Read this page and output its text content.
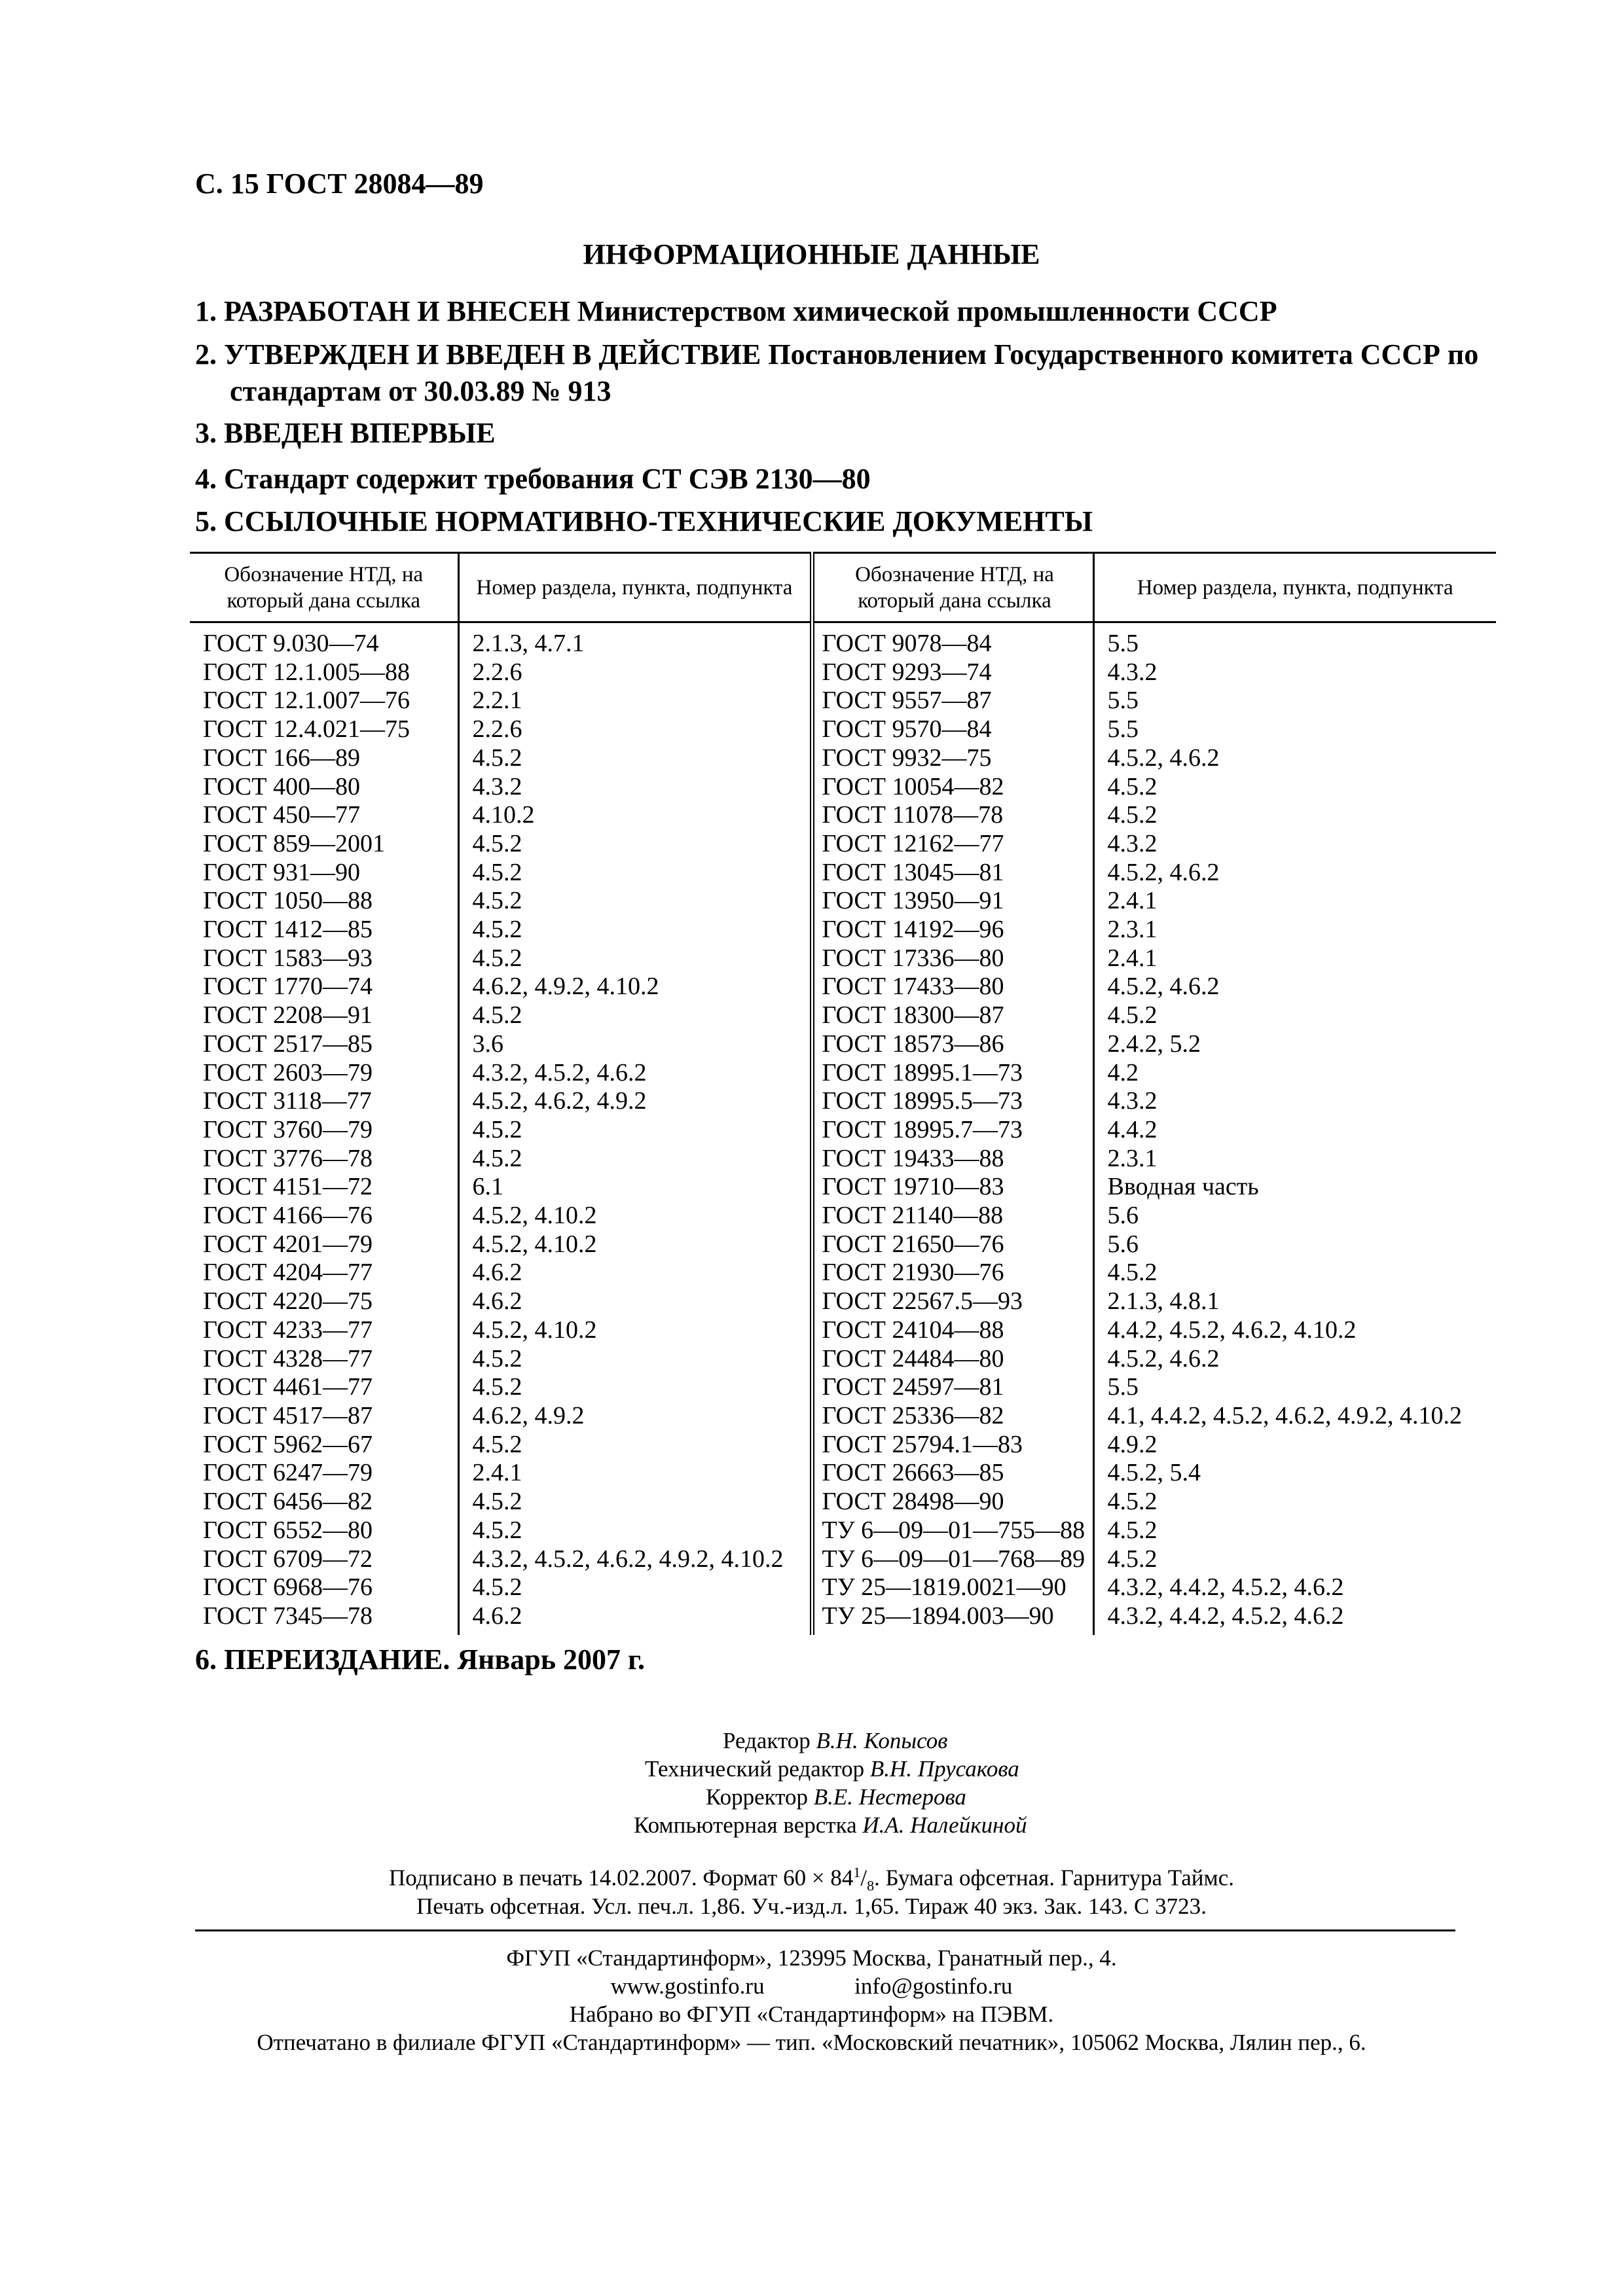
С. 15 ГОСТ 28084—89
ИНФОРМАЦИОННЫЕ ДАННЫЕ
1. РАЗРАБОТАН И ВНЕСЕН Министерством химической промышленности СССР
2. УТВЕРЖДЕН И ВВЕДЕН В ДЕЙСТВИЕ Постановлением Государственного комитета СССР по
стандартам от 30.03.89 № 913
3. ВВЕДЕН ВПЕРВЫЕ
4. Стандарт содержит требования СТ СЭВ 2130—80
5. ССЫЛОЧНЫЕ НОРМАТИВНО-ТЕХНИЧЕСКИЕ ДОКУМЕНТЫ
Обозначение НТД, на который дана ссылка	Номер раздела, пункта, подпункта	Обозначение НТД, на который дана ссылка	Номер раздела, пункта, подпункта
ГОСТ 9.030—74	2.1.3, 4.7.1	ГОСТ 9078—84	5.5
ГОСТ 12.1.005—88	2.2.6	ГОСТ 9293—74	4.3.2
ГОСТ 12.1.007—76	2.2.1	ГОСТ 9557—87	5.5
ГОСТ 12.4.021—75	2.2.6	ГОСТ 9570—84	5.5
ГОСТ 166—89	4.5.2	ГОСТ 9932—75	4.5.2, 4.6.2
ГОСТ 400—80	4.3.2	ГОСТ 10054—82	4.5.2
ГОСТ 450—77	4.10.2	ГОСТ 11078—78	4.5.2
ГОСТ 859—2001	4.5.2	ГОСТ 12162—77	4.3.2
ГОСТ 931—90	4.5.2	ГОСТ 13045—81	4.5.2, 4.6.2
ГОСТ 1050—88	4.5.2	ГОСТ 13950—91	2.4.1
ГОСТ 1412—85	4.5.2	ГОСТ 14192—96	2.3.1
ГОСТ 1583—93	4.5.2	ГОСТ 17336—80	2.4.1
ГОСТ 1770—74	4.6.2, 4.9.2, 4.10.2	ГОСТ 17433—80	4.5.2, 4.6.2
ГОСТ 2208—91	4.5.2	ГОСТ 18300—87	4.5.2
ГОСТ 2517—85	3.6	ГОСТ 18573—86	2.4.2, 5.2
ГОСТ 2603—79	4.3.2, 4.5.2, 4.6.2	ГОСТ 18995.1—73	4.2
ГОСТ 3118—77	4.5.2, 4.6.2, 4.9.2	ГОСТ 18995.5—73	4.3.2
ГОСТ 3760—79	4.5.2	ГОСТ 18995.7—73	4.4.2
ГОСТ 3776—78	4.5.2	ГОСТ 19433—88	2.3.1
ГОСТ 4151—72	6.1	ГОСТ 19710—83	Вводная часть
ГОСТ 4166—76	4.5.2, 4.10.2	ГОСТ 21140—88	5.6
ГОСТ 4201—79	4.5.2, 4.10.2	ГОСТ 21650—76	5.6
ГОСТ 4204—77	4.6.2	ГОСТ 21930—76	4.5.2
ГОСТ 4220—75	4.6.2	ГОСТ 22567.5—93	2.1.3, 4.8.1
ГОСТ 4233—77	4.5.2, 4.10.2	ГОСТ 24104—88	4.4.2, 4.5.2, 4.6.2, 4.10.2
ГОСТ 4328—77	4.5.2	ГОСТ 24484—80	4.5.2, 4.6.2
ГОСТ 4461—77	4.5.2	ГОСТ 24597—81	5.5
ГОСТ 4517—87	4.6.2, 4.9.2	ГОСТ 25336—82	4.1, 4.4.2, 4.5.2, 4.6.2, 4.9.2, 4.10.2
ГОСТ 5962—67	4.5.2	ГОСТ 25794.1—83	4.9.2
ГОСТ 6247—79	2.4.1	ГОСТ 26663—85	4.5.2, 5.4
ГОСТ 6456—82	4.5.2	ГОСТ 28498—90	4.5.2
ГОСТ 6552—80	4.5.2	ТУ 6—09—01—755—88	4.5.2
ГОСТ 6709—72	4.3.2, 4.5.2, 4.6.2, 4.9.2, 4.10.2	ТУ 6—09—01—768—89	4.5.2
ГОСТ 6968—76	4.5.2	ТУ 25—1819.0021—90	4.3.2, 4.4.2, 4.5.2, 4.6.2
ГОСТ 7345—78	4.6.2	ТУ 25—1894.003—90	4.3.2, 4.4.2, 4.5.2, 4.6.2
6. ПЕРЕИЗДАНИЕ. Январь 2007 г.
Редактор В.Н. Копысов
Технический редактор В.Н. Прусакова
Корректор В.Е. Нестерова
Компьютерная верстка И.А. Налейкиной
Подписано в печать 14.02.2007. Формат $60 \times 84^1/_8$. Бумага офсетная. Гарнитура Таймс.
Печать офсетная. Усл. печ.л. 1,86. Уч.-изд.л. 1,65. Тираж 40 экз. Зак. 143. С 3723.
ФГУП «Стандартинформ», 123995 Москва, Гранатный пер., 4.
www.gostinfo.ru	info@gostinfo.ru
Набрано во ФГУП «Стандартинформ» на ПЭВМ.
Отпечатано в филиале ФГУП «Стандартинформ» — тип. «Московский печатник», 105062 Москва, Лялин пер., 6.
